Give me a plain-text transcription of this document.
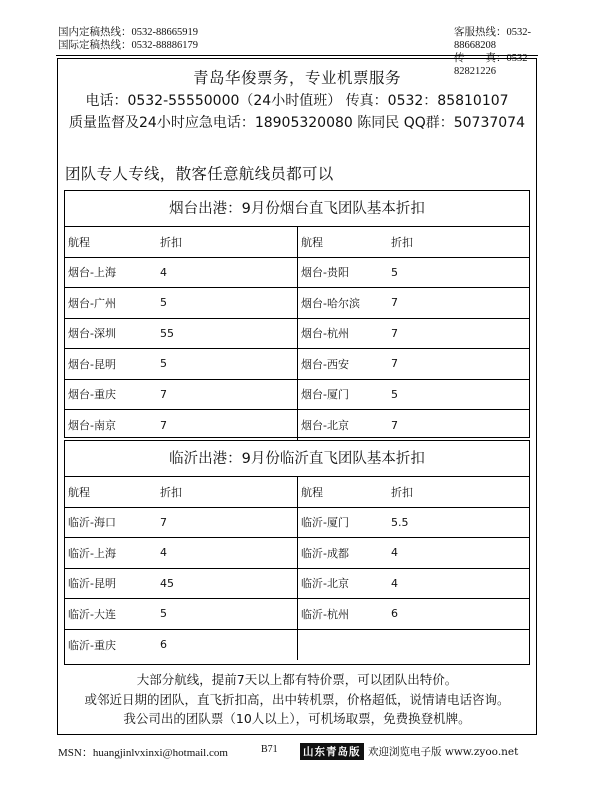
国内定稿热线：0532-88665919
国际定稿热线：0532-88886179
客服热线：0532-88668208
传　　真：0532-82821226
青岛华俊票务，专业机票服务
电话：0532-55550000（24小时值班） 传真：0532：85810107
质量监督及24小时应急电话：18905320080 陈同民 QQ群：50737074
团队专人专线，散客任意航线员都可以
烟台出港：9月份烟台直飞团队基本折扣
航程	折扣	航程	折扣
烟台-上海	4	烟台-贵阳	5
烟台-广州	5	烟台-哈尔滨	7
烟台-深圳	55	烟台-杭州	7
烟台-昆明	5	烟台-西安	7
烟台-重庆	7	烟台-厦门	5
烟台-南京	7	烟台-北京	7
临沂出港：9月份临沂直飞团队基本折扣
航程	折扣	航程	折扣
临沂-海口	7	临沂-厦门	5.5
临沂-上海	4	临沂-成都	4
临沂-昆明	45	临沂-北京	4
临沂-大连	5	临沂-杭州	6
临沂-重庆	6
大部分航线，提前7天以上都有特价票，可以团队出特价。
或邻近日期的团队，直飞折扣高，出中转机票，价格超低，说情请电话咨询。
我公司出的团队票（10人以上），可机场取票，免费换登机牌。
MSN：huangjinlvxinxi@hotmail.com	B71 山东青岛版 欢迎浏览电子版 www.zyoo.net
